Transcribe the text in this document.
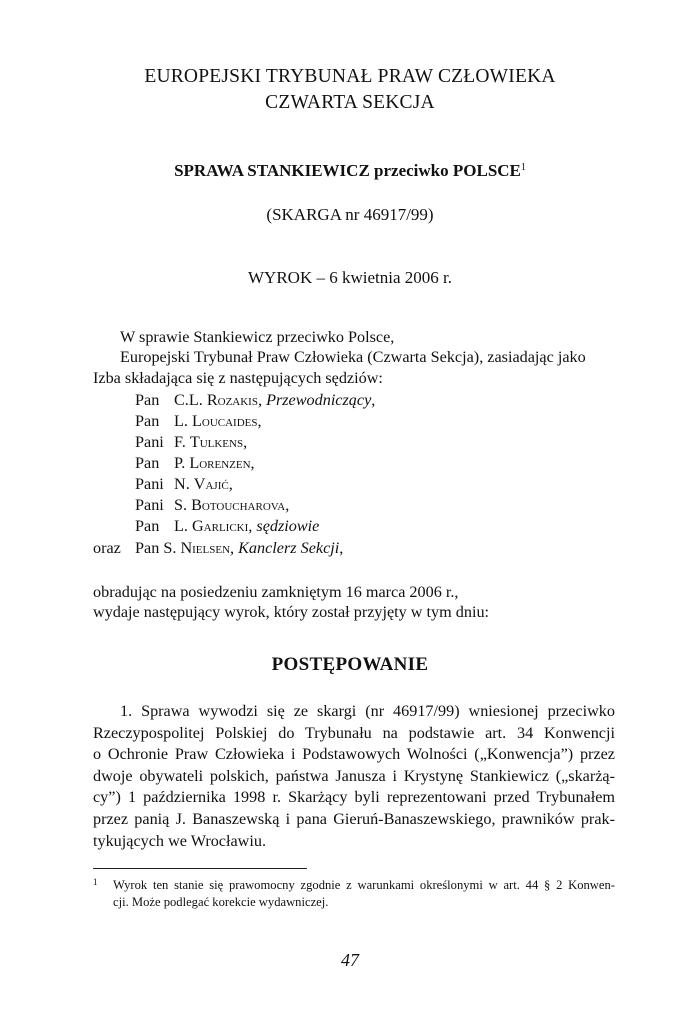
EUROPEJSKI TRYBUNAŁ PRAW CZŁOWIEKA
CZWARTA SEKCJA
SPRAWA STANKIEWICZ przeciwko POLSCE$^1$
(SKARGA nr 46917/99)
WYROK – 6 kwietnia 2006 r.
W sprawie Stankiewicz przeciwko Polsce,
Europejski Trybunał Praw Człowieka (Czwarta Sekcja), zasiadając jako
Izba składająca się z następujących sędziów:
Pan C.L. Rozakis, Przewodniczący,
Pan L. Loucaides,
Pani F. Tulkens,
Pan P. Lorenzen,
Pani N. Vajić,
Pani S. Botoucharova,
Pan L. Garlicki, sędziowie
oraz Pan S. Nielsen, Kanclerz Sekcji,
obradując na posiedzeniu zamkniętym 16 marca 2006 r.,
wydaje następujący wyrok, który został przyjęty w tym dniu:
POSTĘPOWANIE
1. Sprawa wywodzi się ze skargi (nr 46917/99) wniesionej przeciwko
Rzeczypospolitej Polskiej do Trybunału na podstawie art. 34 Konwencji
o Ochronie Praw Człowieka i Podstawowych Wolności („Konwencja”) przez
dwoje obywateli polskich, państwa Janusza i Krystynę Stankiewicz („skarżą-
cy”) 1 października 1998 r. Skarżący byli reprezentowani przed Trybunałem
przez panią J. Banaszewską i pana Gieruń-Banaszewskiego, prawników prak-
tykujących we Wrocławiu.
1 Wyrok ten stanie się prawomocny zgodnie z warunkami określonymi w art. 44 § 2 Konwen-
cji. Może podlegać korekcie wydawniczej.
47
